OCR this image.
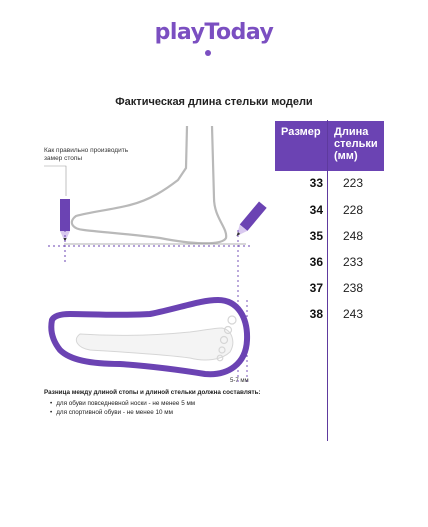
playToday
Фактическая длина стельки модели
Как правильно производить замер стопы
5-7 мм
Размер	Длина стельки (мм)
33	223
34	228
35	248
36	233
37	238
38	243
Разница между длиной стопы и длиной стельки должна составлять:
• для обуви повседневной носки - не менее 5 мм
• для спортивной обуви - не менее 10 мм
